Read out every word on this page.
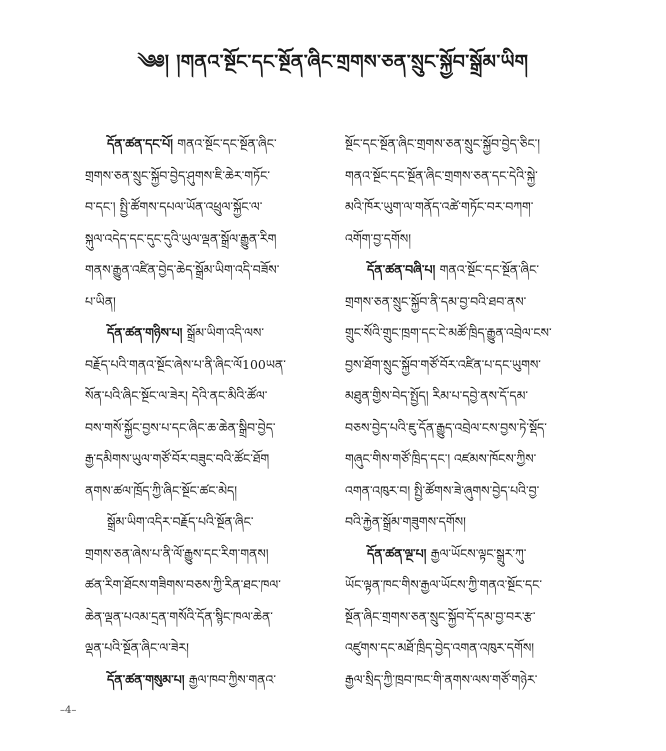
༄༅། །གནའ་སྔོང་དང་སྔོན་ཞིང་གྲགས་ཅན་སྲུང་སྐྱོབ་སྒྲོམ་ཡིག
དོན་ཚན་དང་པོ། གནའ་སྔོང་དང་སྔོན་ཞིང་
གྲགས་ཅན་སྲུང་སྐྱོབ་བྱེད་ཤུགས་ཇི་ཆེར་གཏོང་
བ་དང་། སྤྱི་ཚོགས་དཔལ་ཡོན་འཕྲུལ་སྐྱོང་ལ་
སྐུལ་འདེད་དང་དུང་དུའི་ཡུལ་ལྡན་སྒྲོལ་རྒྱུན་རིག
གནས་རྒྱུན་འཛིན་བྱེད་ཆེད་སྒྲོམ་ཡིག་འདི་བཟོས་
པ་ཡིན།
དོན་ཚན་གཉིས་པ། སྒྲོམ་ཡིག་འདི་ལས་
བརྗོད་པའི་གནའ་སྔོང་ཞེས་པ་ནི་ཞིང་ལོ100ཡན་
སོན་པའི་ཞིང་སྔོང་ལ་ཟེར། དེའི་ནང་མིའི་ཚོལ་
བས་གསོ་སྐྱོང་བྱས་པ་དང་ཞིང་ཆ་ཆེན་སྒྲིབ་བྱེད་
རྒྱ་དམིགས་ཡུལ་གཙོ་བོར་བཟུང་བའི་ཚོང་ཐོག
ནགས་ཚལ་ཁྲོད་ཀྱི་ཞིང་སྔོང་ཚང་མེད།
སྒྲོམ་ཡིག་འདིར་བརྗོད་པའི་སྔོན་ཞིང་
གྲགས་ཅན་ཞེས་པ་ནི་ལོ་རྒྱུས་དང་རིག་གནས།
ཚན་རིག་ཐོངས་གཟིགས་བཅས་ཀྱི་རིན་ཐང་ཁལ་
ཆེན་ལྡན་པའམ་དྲན་གསོའི་དོན་སྙིང་ཁལ་ཆེན་
ལྡན་པའི་སྔོན་ཞིང་ལ་ཟེར།
དོན་ཚན་གསུམ་པ། རྒྱལ་ཁབ་ཀྱིས་གནའ་
སྔོང་དང་སྔོན་ཞིང་གྲགས་ཅན་སྲུང་སྐྱོབ་བྱེད་ཅིང་།
གནའ་སྔོང་དང་སྔོན་ཞིང་གྲགས་ཅན་དང་དེའི་སྐྱེ་
མའི་ཁོར་ཡུག་ལ་གནོད་འཚེ་གཏོང་བར་བཀག་
འགོག་བྱ་དགོས།
དོན་ཚན་བཞི་པ། གནའ་སྔོང་དང་སྔོན་ཞིང་
གྲགས་ཅན་སྲུང་སྐྱོབ་ནི་དམ་བྱ་བའི་ཐབ་ནས་
གྲུང་སོའི་གྲུང་ཁྲག་དང་ངེ་མཚོ་ཁྲིད་རྒྱུན་འབྲེལ་ངས་
བྱས་ཐོག་སྲུང་སྐྱོབ་གཙོ་བོར་འཛིན་པ་དང་ཡུགས་
མཐུན་གྱིས་བེད་སྤྱོད། རིམ་པ་དབྱེ་ནས་དོ་དམ་
བཅས་བྱེད་པའི་ཇུ་དོན་རྒྱུད་འབྲེལ་ངས་བྱས་ཏེ་སྡོད་
གཞུང་གིས་གཙོ་ཁྲིད་དང་། འཛམས་ཁོངས་ཀྱིས་
འགན་འཁུར་བ། སྤྱི་ཚོགས་ཟེ་ཞུགས་བྱེད་པའི་བྱ་
བའི་རྐྱེན་སྒྲོམ་གཟུགས་དགོས།
དོན་ཚན་ལྔ་པ། རྒྱལ་ཡོངས་ལྟང་སྒྲུར་ཀུ་
ཡོང་ལྟན་ཁང་གིས་རྒྱལ་ཡོངས་ཀྱི་གནའ་སྔོང་དང་
སྔོན་ཞིང་གྲགས་ཅན་སྲུང་སྐྱོབ་དོ་དམ་བྱ་བར་རྩ་
འཛུགས་དང་མཐོ་ཁྲིད་བྱེད་འགན་འཁུར་དགོས།
རྒྱལ་སྲིད་ཀྱི་ཁྲབ་ཁང་གི་ནགས་ལས་གཙོ་གཉེར་
–4–
